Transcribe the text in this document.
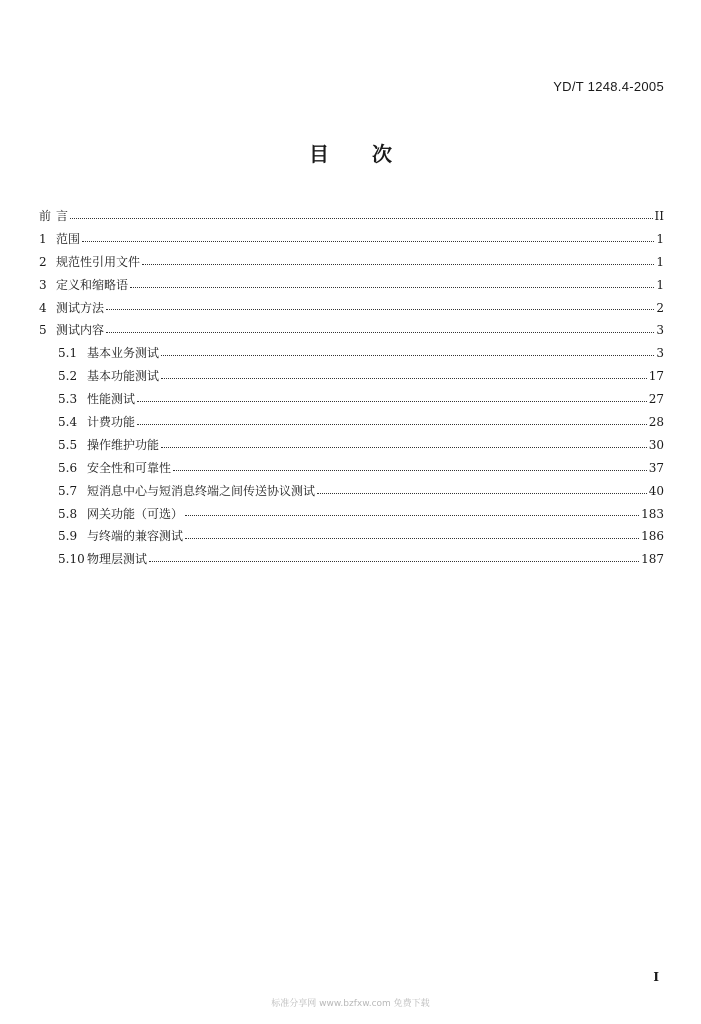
YD/T 1248.4-2005
目 次
前 言	II
1 范围	1
2 规范性引用文件	1
3 定义和缩略语	1
4 测试方法	2
5 测试内容	3
5.1 基本业务测试	3
5.2 基本功能测试	17
5.3 性能测试	27
5.4 计费功能	28
5.5 操作维护功能	30
5.6 安全性和可靠性	37
5.7 短消息中心与短消息终端之间传送协议测试	40
5.8 网关功能（可选）	183
5.9 与终端的兼容测试	186
5.10 物理层测试	187
I
标准分享网 www.bzfxw.com 免费下载
